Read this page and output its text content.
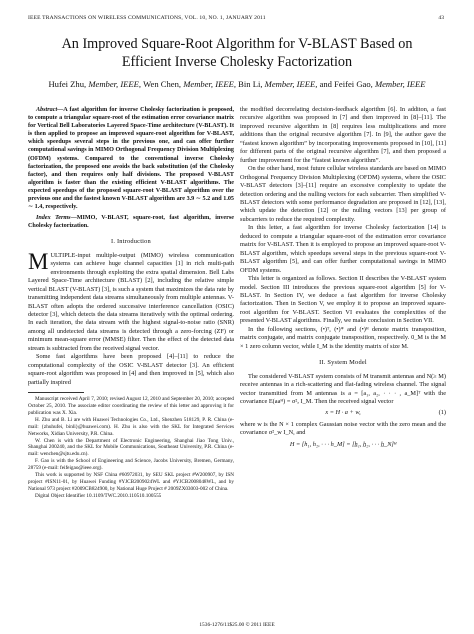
IEEE TRANSACTIONS ON WIRELESS COMMUNICATIONS, VOL. 10, NO. 1, JANUARY 2011	43
An Improved Square-Root Algorithm for V-BLAST Based on
Efficient Inverse Cholesky Factorization
Hufei Zhu, Member, IEEE, Wen Chen, Member, IEEE, Bin Li, Member, IEEE, and Feifei Gao, Member, IEEE

Abstract—A fast algorithm for inverse Cholesky factorization is proposed, to compute a triangular square-root of the estimation error covariance matrix for Vertical Bell Laboratories Layered Space-Time architecture (V-BLAST). It is then applied to propose an improved square-root algorithm for V-BLAST, which speedups several steps in the previous one, and can offer further computational savings in MIMO Orthogonal Frequency Division Multiplexing (OFDM) systems. Compared to the conventional inverse Cholesky factorization, the proposed one avoids the back substitution (of the Cholesky factor), and then requires only half divisions. The proposed V-BLAST algorithm is faster than the existing efficient V-BLAST algorithms. The expected speedups of the proposed square-root V-BLAST algorithm over the previous one and the fastest known V-BLAST algorithm are 3.9 ∼ 5.2 and 1.05 ∼ 1.4, respectively.

Index Terms—MIMO, V-BLAST, square-root, fast algorithm, inverse Cholesky factorization.

I. Introduction

MULTIPLE-input multiple-output (MIMO) wireless communication systems can achieve huge channel capacities [1] in rich multi-path environments through exploiting the extra spatial dimension. Bell Labs Layered Space-Time architecture (BLAST) [2], including the relative simple vertical BLAST (V-BLAST) [3], is such a system that maximizes the data rate by transmitting independent data streams simultaneously from multiple antennas. V-BLAST often adopts the ordered successive interference cancellation (OSIC) detector [3], which detects the data streams iteratively with the optimal ordering. In each iteration, the data stream with the highest signal-to-noise ratio (SNR) among all undetected data streams is detected through a zero-forcing (ZF) or minimum mean-square error (MMSE) filter. Then the effect of the detected data stream is subtracted from the received signal vector.

Some fast algorithms have been proposed [4]–[11] to reduce the computational complexity of the OSIC V-BLAST detector [3]. An efficient square-root algorithm was proposed in [4] and then improved in [5], which also partially inspired

Manuscript received April 7, 2010; revised August 12, 2010 and September 20, 2010; accepted October 25, 2010. The associate editor coordinating the review of this letter and approving it for publication was X. Xia.

H. Zhu and B. Li are with Huawei Technologies Co., Ltd., Shenzhen 518129, P. R. China (e-mail: {zhuhufei, binli}@huawei.com). H. Zhu is also with the SKL for Integrated Services Networks, Xidian University, P.R. China.

W. Chen is with the Department of Electronic Engineering, Shanghai Jiao Tong Univ., Shanghai 200240, and the SKL for Mobile Communications, Southeast University, P.R. China (e-mail: wenchen@sjtu.edu.cn).

F. Gao is with the School of Engineering and Science, Jacobs University, Bremen, Germany, 28759 (e-mail: feifeigao@ieee.org).

This work is supported by NSF China #60972031, by SEU SKL project #W200907, by ISN project #ISN11-01, by Huawei Funding #YJCB2009024WL and #YJCB2008048WL, and by National 973 project #2009CB824900, by National Huge Project # 2009ZX03003-002 of China.

Digital Object Identifier 10.1109/TWC.2010.110510.100555

the modified decorrelating decision-feedback algorithm [6]. In additon, a fast recursive algorithm was proposed in [7] and then improved in [8]–[11]. The improved recursive algorithm in [8] requires less multiplications and more additions than the original recursive algorithm [7]. In [9], the author gave the “fastest known algorithm” by incorporating improvements proposed in [10], [11] for different parts of the original recursive algorithm [7], and then proposed a further improvement for the “fastest known algorithm”.

On the other hand, most future cellular wireless standards are based on MIMO Orthogonal Frequency Division Multiplexing (OFDM) systems, where the OSIC V-BLAST detectors [3]–[11] require an excessive complexity to update the detection ordering and the nulling vectors for each subcarrier. Then simplified V-BLAST detectors with some performance degradation are proposed in [12], [13], which update the detection [12] or the nulling vectors [13] per group of subcarriers to reduce the required complexity.

In this letter, a fast algorithm for inverse Cholesky factorization [14] is deduced to compute a triangular square-root of the estimation error covariance matrix for V-BLAST. Then it is employed to propose an improved square-root V-BLAST algorithm, which speedups several steps in the previous square-root V-BLAST algorithm [5], and can offer further computational savings in MIMO OFDM systems.

This letter is organized as follows. Section II describes the V-BLAST system model. Section III introduces the previous square-root algorithm [5] for V-BLAST. In Section IV, we deduce a fast algorithm for inverse Cholesky factorization. Then in Section V, we employ it to propose an improved square-root algorithm for V-BLAST. Section VI evaluates the complexities of the presented V-BLAST algorithms. Finally, we make conclusion in Section VII.

In the following sections, (•)ᵀ, (•)* and (•)ᴴ denote matrix transposition, matrix conjugate, and matrix conjugate transposition, respectively. 0_M is the M × 1 zero column vector, while I_M is the identity matrix of size M.

II. System Model

The considered V-BLAST system consists of M transmit antennas and N(≥ M) receive antennas in a rich-scattering and flat-fading wireless channel. The signal vector transmitted from M antennas is a = [a₁, a₂, · · · , a_M]ᵀ with the covariance E(aaᴴ) = σ²ₐ I_M. Then the received signal vector

x = H · a + w,	(1)

where w is the N × 1 complex Gaussian noise vector with the zero mean and the covariance σ²_w I_N, and

H = [h₁, h₂, · · · h_M] = [h̲₁, h̲₂, · · · h̲_N]ᴴ
1536-1276/11$25.00 © 2011 IEEE
